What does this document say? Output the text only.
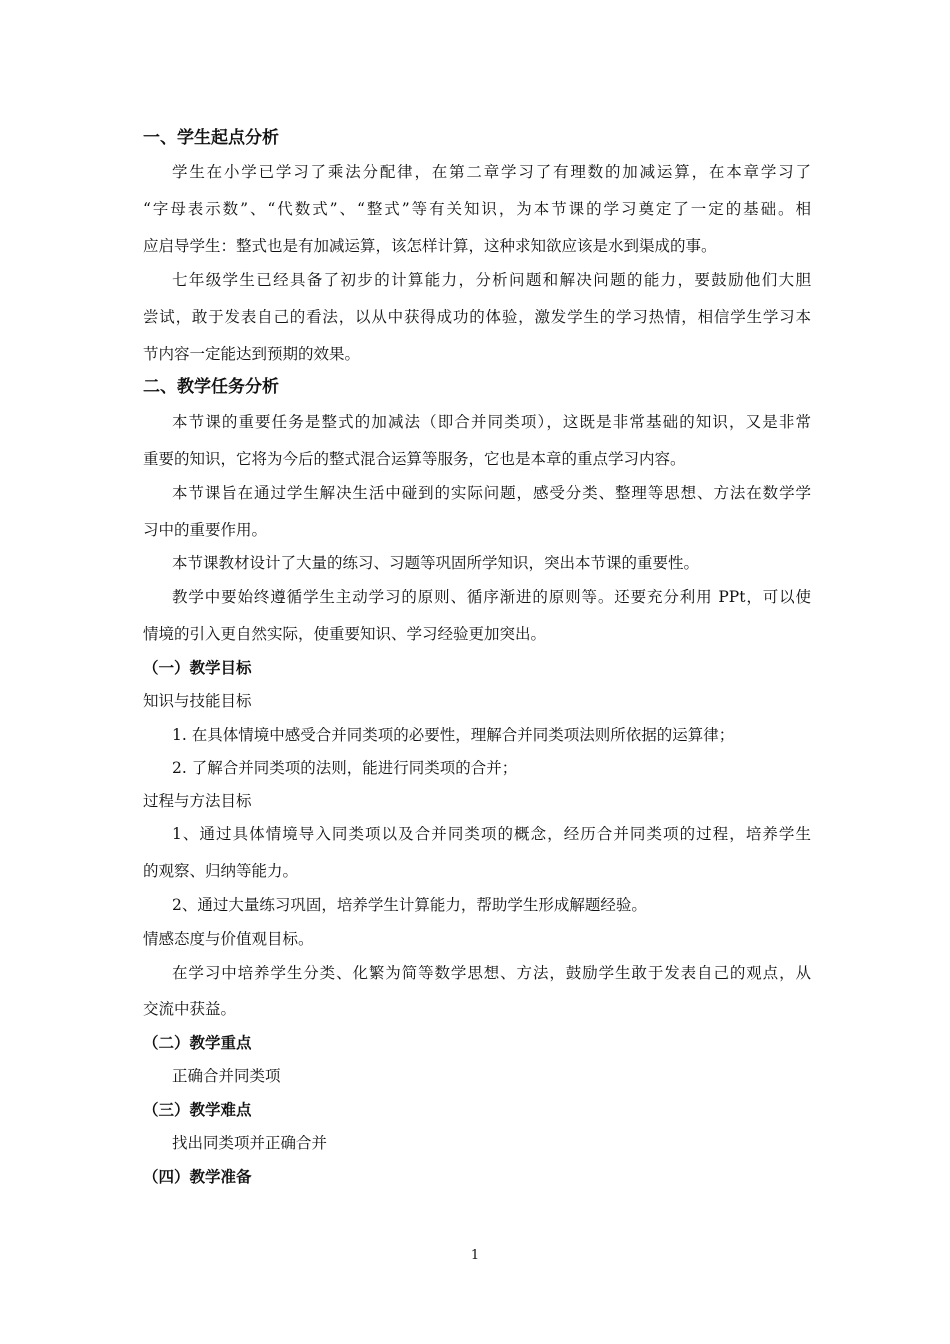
一、学生起点分析
学生在小学已学习了乘法分配律，在第二章学习了有理数的加减运算，在本章学习了
“字母表示数”、“代数式”、“整式”等有关知识，为本节课的学习奠定了一定的基础。相
应启导学生：整式也是有加减运算，该怎样计算，这种求知欲应该是水到渠成的事。
七年级学生已经具备了初步的计算能力，分析问题和解决问题的能力，要鼓励他们大胆
尝试，敢于发表自己的看法，以从中获得成功的体验，激发学生的学习热情，相信学生学习本
节内容一定能达到预期的效果。
二、教学任务分析
本节课的重要任务是整式的加减法（即合并同类项），这既是非常基础的知识，又是非常
重要的知识，它将为今后的整式混合运算等服务，它也是本章的重点学习内容。
本节课旨在通过学生解决生活中碰到的实际问题，感受分类、整理等思想、方法在数学学
习中的重要作用。
本节课教材设计了大量的练习、习题等巩固所学知识，突出本节课的重要性。
教学中要始终遵循学生主动学习的原则、循序渐进的原则等。还要充分利用 PPt，可以使
情境的引入更自然实际，使重要知识、学习经验更加突出。
（一）教学目标
知识与技能目标
1. 在具体情境中感受合并同类项的必要性，理解合并同类项法则所依据的运算律；
2. 了解合并同类项的法则，能进行同类项的合并；
过程与方法目标
1、通过具体情境导入同类项以及合并同类项的概念，经历合并同类项的过程，培养学生
的观察、归纳等能力。
2、通过大量练习巩固，培养学生计算能力，帮助学生形成解题经验。
情感态度与价值观目标。
在学习中培养学生分类、化繁为简等数学思想、方法，鼓励学生敢于发表自己的观点，从
交流中获益。
（二）教学重点
正确合并同类项
（三）教学难点
找出同类项并正确合并
（四）教学准备
1
